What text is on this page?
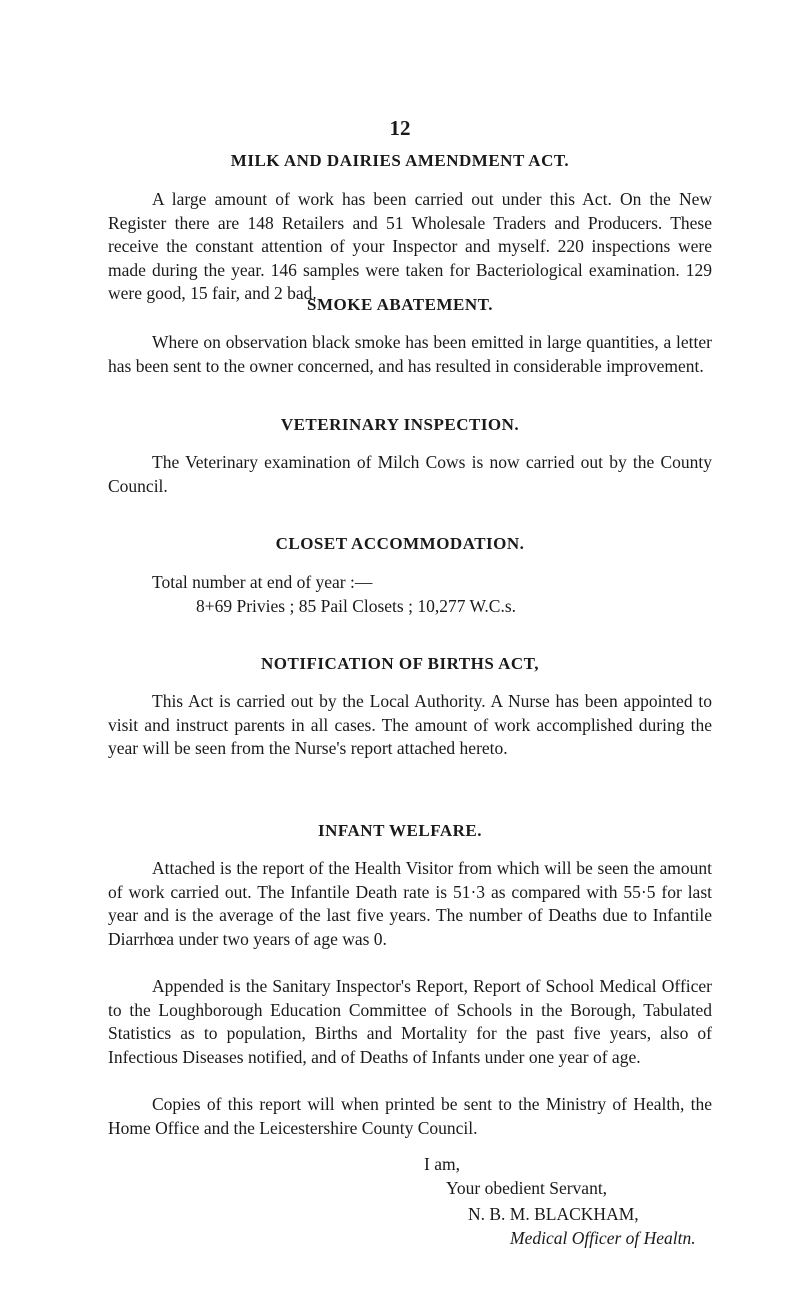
12
MILK AND DAIRIES AMENDMENT ACT.

A large amount of work has been carried out under this Act. On the New Register there are 148 Retailers and 51 Wholesale Traders and Producers. These receive the constant attention of your Inspector and myself. 220 inspections were made during the year. 146 samples were taken for Bacteriological examination. 129 were good, 15 fair, and 2 bad.

SMOKE ABATEMENT.

Where on observation black smoke has been emitted in large quantities, a letter has been sent to the owner concerned, and has resulted in considerable improvement.

VETERINARY INSPECTION.

The Veterinary examination of Milch Cows is now carried out by the County Council.

CLOSET ACCOMMODATION.
Total number at end of year :—
8+69 Privies ; 85 Pail Closets ; 10,277 W.C.s.
NOTIFICATION OF BIRTHS ACT,

This Act is carried out by the Local Authority. A Nurse has been appointed to visit and instruct parents in all cases. The amount of work accomplished during the year will be seen from the Nurse's report attached hereto.

INFANT WELFARE.

Attached is the report of the Health Visitor from which will be seen the amount of work carried out. The Infantile Death rate is 51·3 as compared with 55·5 for last year and is the average of the last five years. The number of Deaths due to Infantile Diarrhœa under two years of age was 0.

Appended is the Sanitary Inspector's Report, Report of School Medical Officer to the Loughborough Education Committee of Schools in the Borough, Tabulated Statistics as to population, Births and Mortality for the past five years, also of Infectious Diseases notified, and of Deaths of Infants under one year of age.

Copies of this report will when printed be sent to the Ministry of Health, the Home Office and the Leicestershire County Council.

I am,
Your obedient Servant,
N. B. M. BLACKHAM,
Medical Officer of Healtn.
